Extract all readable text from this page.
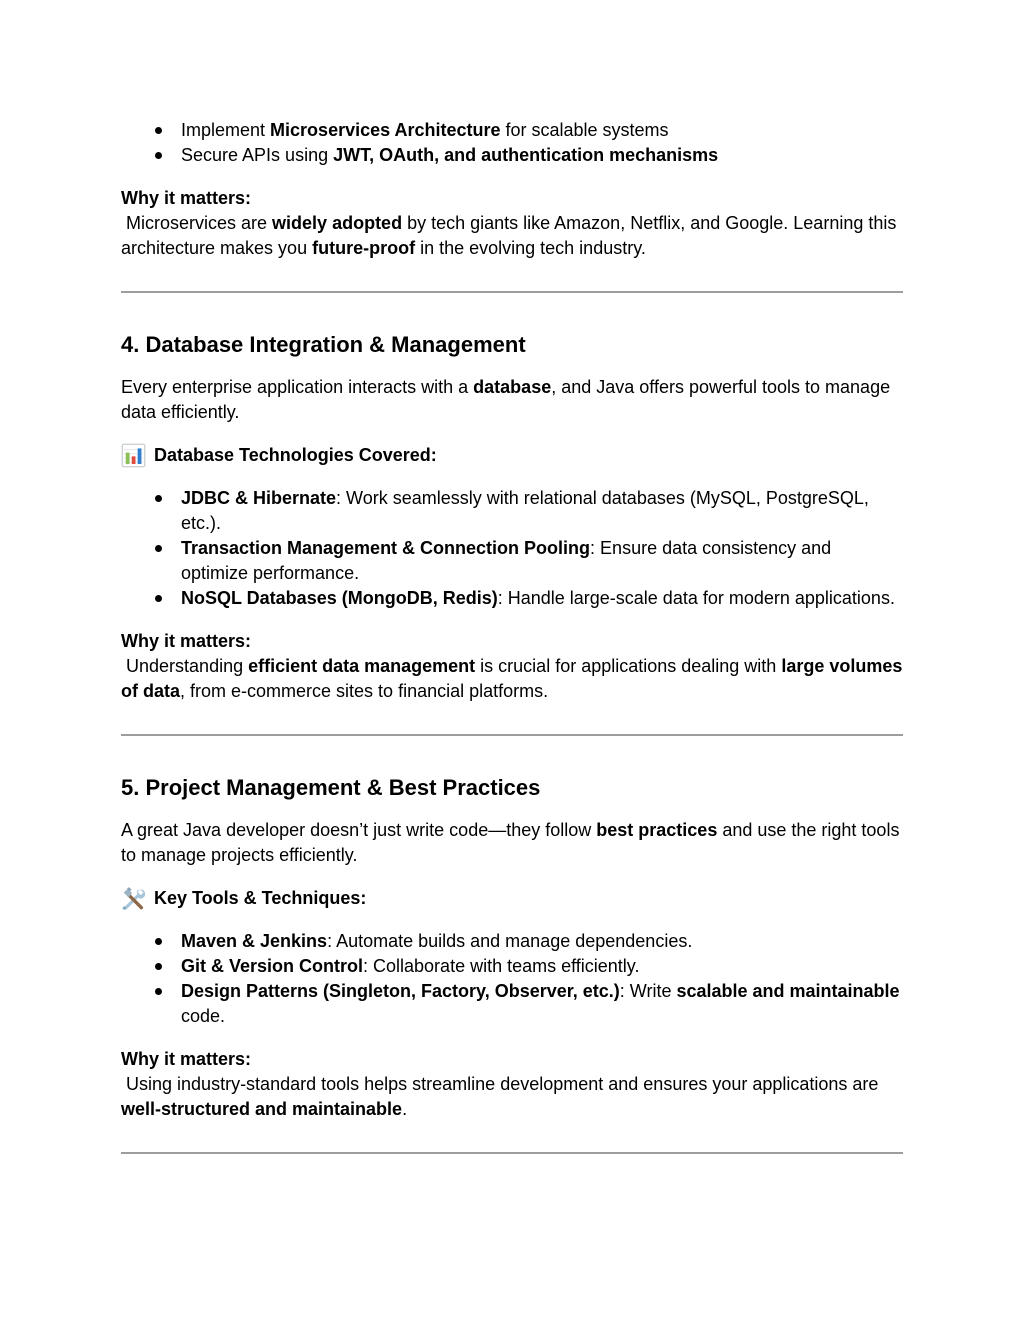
Implement Microservices Architecture for scalable systems
Secure APIs using JWT, OAuth, and authentication mechanisms

Why it matters:
Microservices are widely adopted by tech giants like Amazon, Netflix, and Google. Learning this architecture makes you future-proof in the evolving tech industry.

4. Database Integration & Management

Every enterprise application interacts with a database, and Java offers powerful tools to manage data efficiently.

Database Technologies Covered:
JDBC & Hibernate: Work seamlessly with relational databases (MySQL, PostgreSQL, etc.).
Transaction Management & Connection Pooling: Ensure data consistency and optimize performance.
NoSQL Databases (MongoDB, Redis): Handle large-scale data for modern applications.

Why it matters:
Understanding efficient data management is crucial for applications dealing with large volumes of data, from e-commerce sites to financial platforms.

5. Project Management & Best Practices

A great Java developer doesn’t just write code—they follow best practices and use the right tools to manage projects efficiently.

Key Tools & Techniques:
Maven & Jenkins: Automate builds and manage dependencies.
Git & Version Control: Collaborate with teams efficiently.
Design Patterns (Singleton, Factory, Observer, etc.): Write scalable and maintainable code.

Why it matters:
Using industry-standard tools helps streamline development and ensures your applications are well-structured and maintainable.
